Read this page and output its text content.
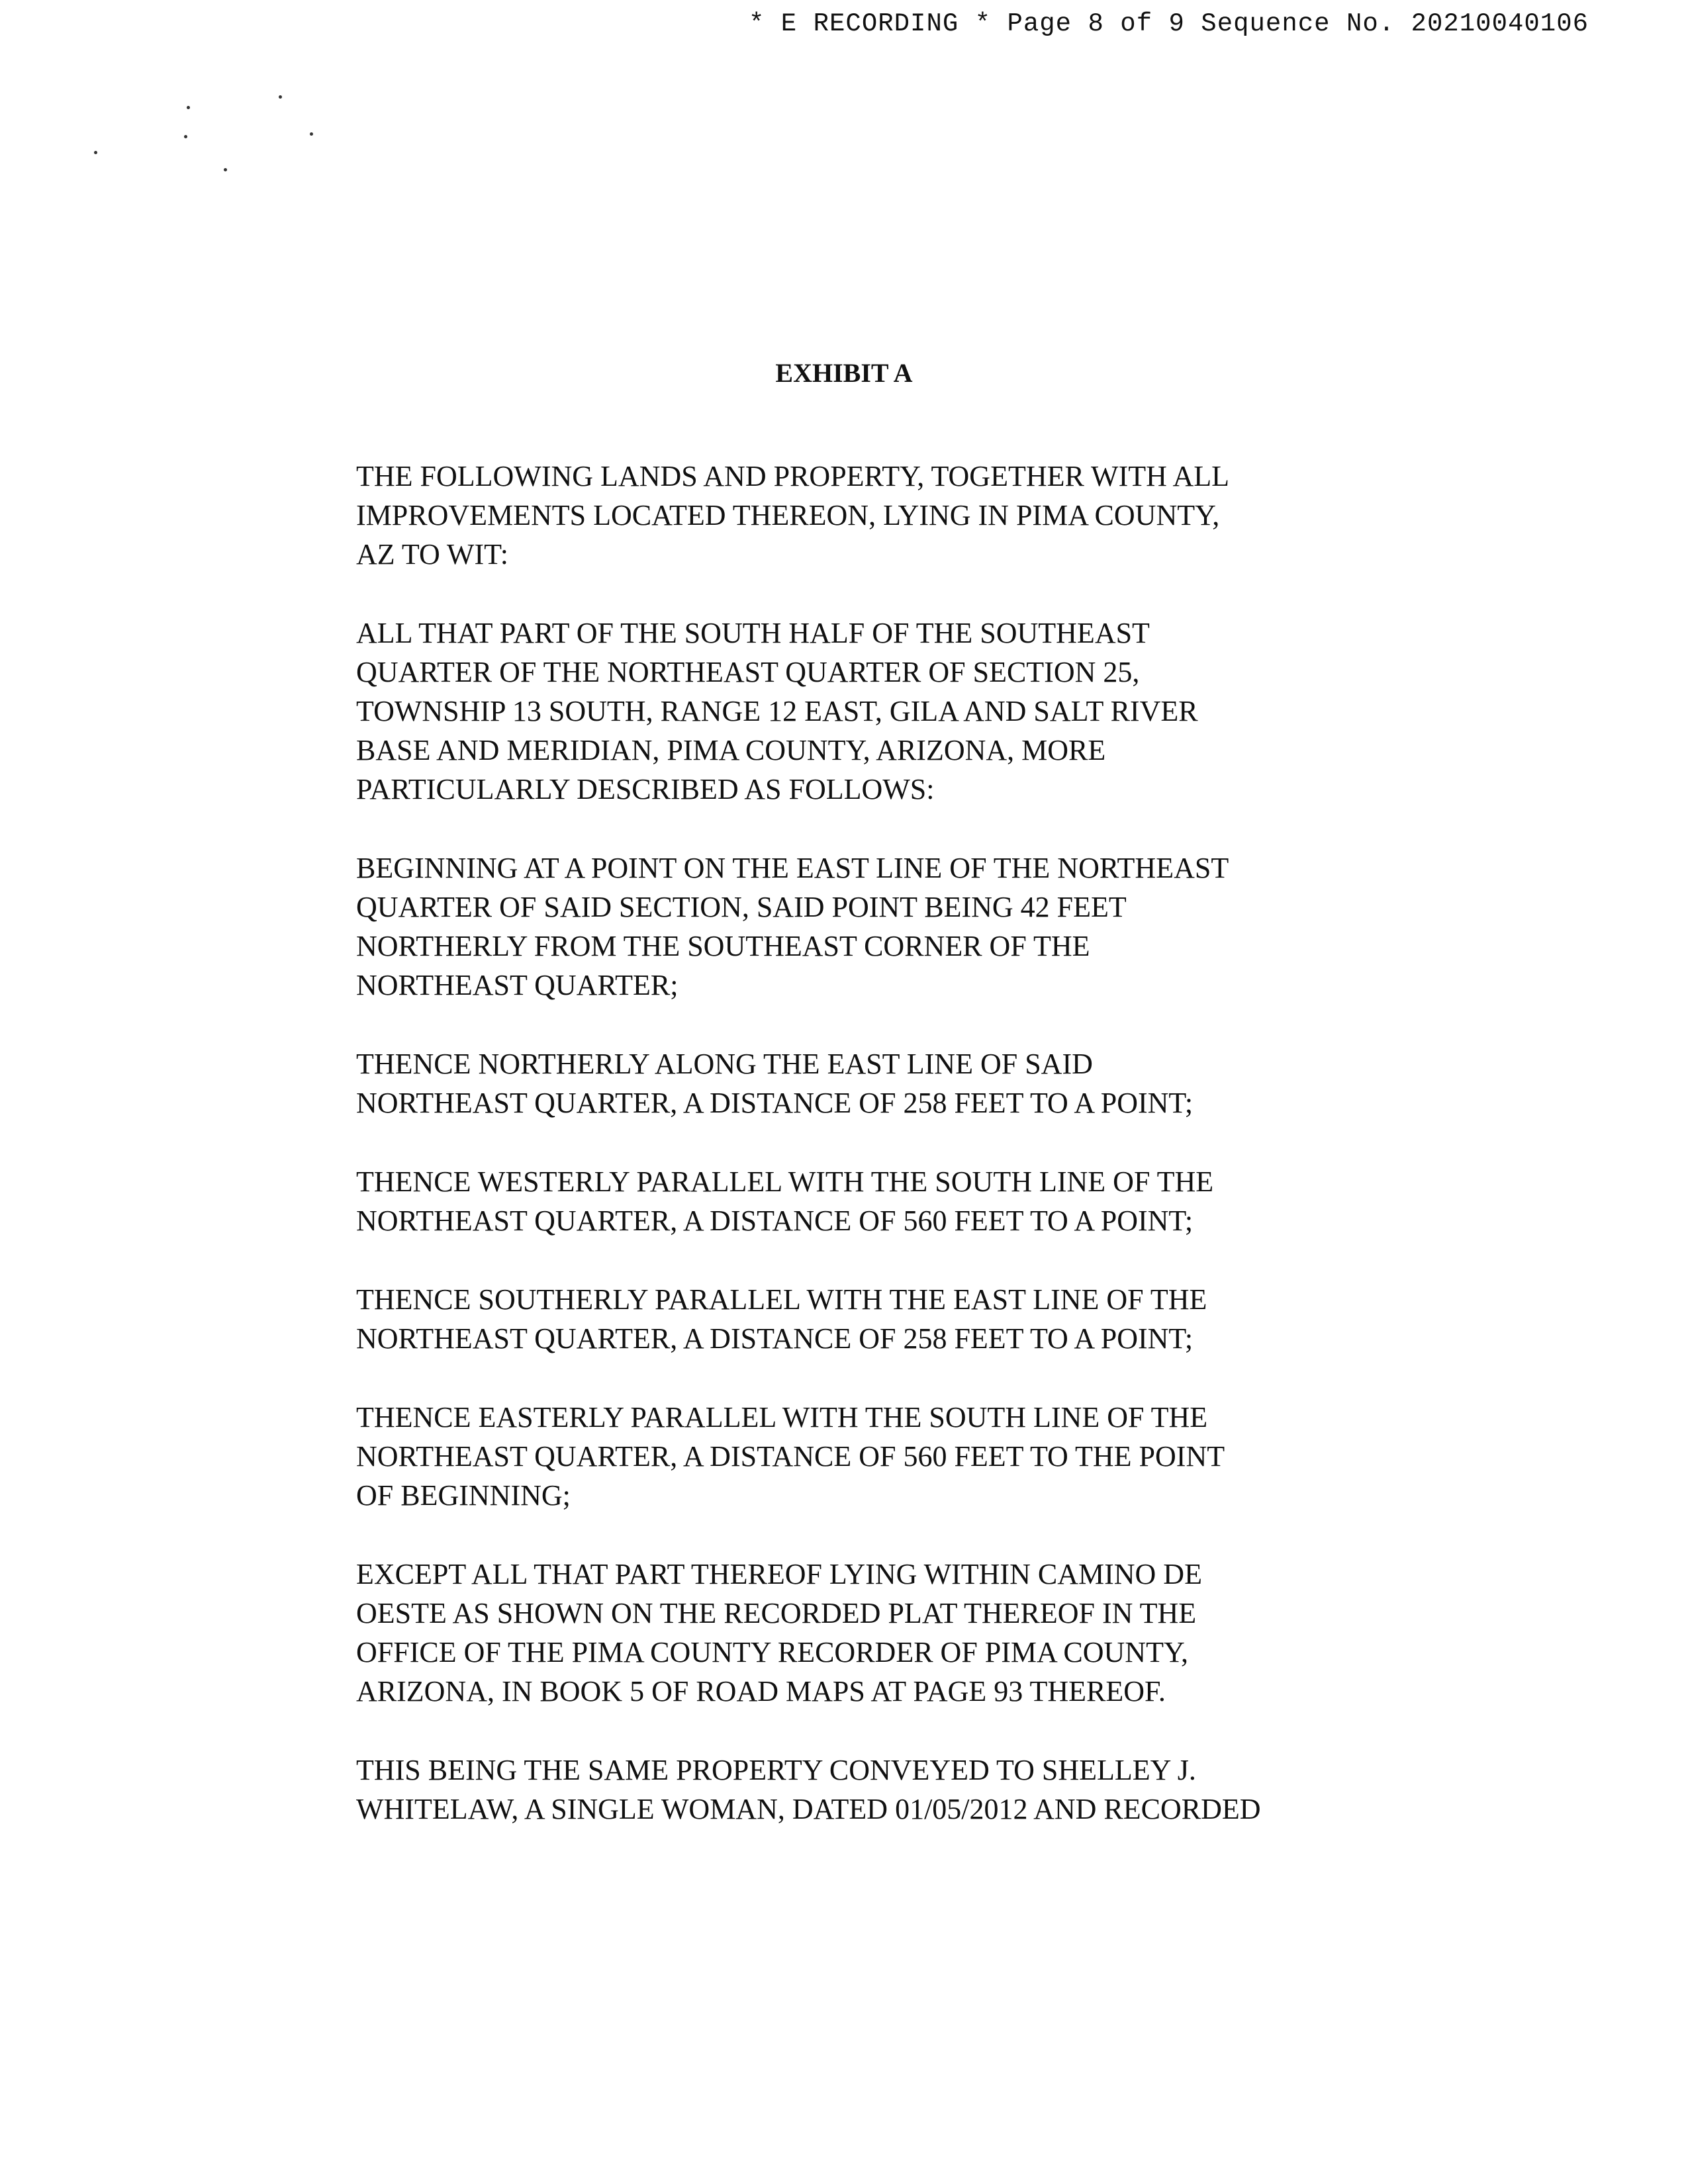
* E RECORDING * Page 8 of 9 Sequence No. 20210040106
EXHIBIT A

THE FOLLOWING LANDS AND PROPERTY, TOGETHER WITH ALL
IMPROVEMENTS LOCATED THEREON, LYING IN PIMA COUNTY,
AZ TO WIT:

ALL THAT PART OF THE SOUTH HALF OF THE SOUTHEAST
QUARTER OF THE NORTHEAST QUARTER OF SECTION 25,
TOWNSHIP 13 SOUTH, RANGE 12 EAST, GILA AND SALT RIVER
BASE AND MERIDIAN, PIMA COUNTY, ARIZONA, MORE
PARTICULARLY DESCRIBED AS FOLLOWS:

BEGINNING AT A POINT ON THE EAST LINE OF THE NORTHEAST
QUARTER OF SAID SECTION, SAID POINT BEING 42 FEET
NORTHERLY FROM THE SOUTHEAST CORNER OF THE
NORTHEAST QUARTER;

THENCE NORTHERLY ALONG THE EAST LINE OF SAID
NORTHEAST QUARTER, A DISTANCE OF 258 FEET TO A POINT;

THENCE WESTERLY PARALLEL WITH THE SOUTH LINE OF THE
NORTHEAST QUARTER, A DISTANCE OF 560 FEET TO A POINT;

THENCE SOUTHERLY PARALLEL WITH THE EAST LINE OF THE
NORTHEAST QUARTER, A DISTANCE OF 258 FEET TO A POINT;

THENCE EASTERLY PARALLEL WITH THE SOUTH LINE OF THE
NORTHEAST QUARTER, A DISTANCE OF 560 FEET TO THE POINT
OF BEGINNING;

EXCEPT ALL THAT PART THEREOF LYING WITHIN CAMINO DE
OESTE AS SHOWN ON THE RECORDED PLAT THEREOF IN THE
OFFICE OF THE PIMA COUNTY RECORDER OF PIMA COUNTY,
ARIZONA, IN BOOK 5 OF ROAD MAPS AT PAGE 93 THEREOF.

THIS BEING THE SAME PROPERTY CONVEYED TO SHELLEY J.
WHITELAW, A SINGLE WOMAN, DATED 01/05/2012 AND RECORDED
